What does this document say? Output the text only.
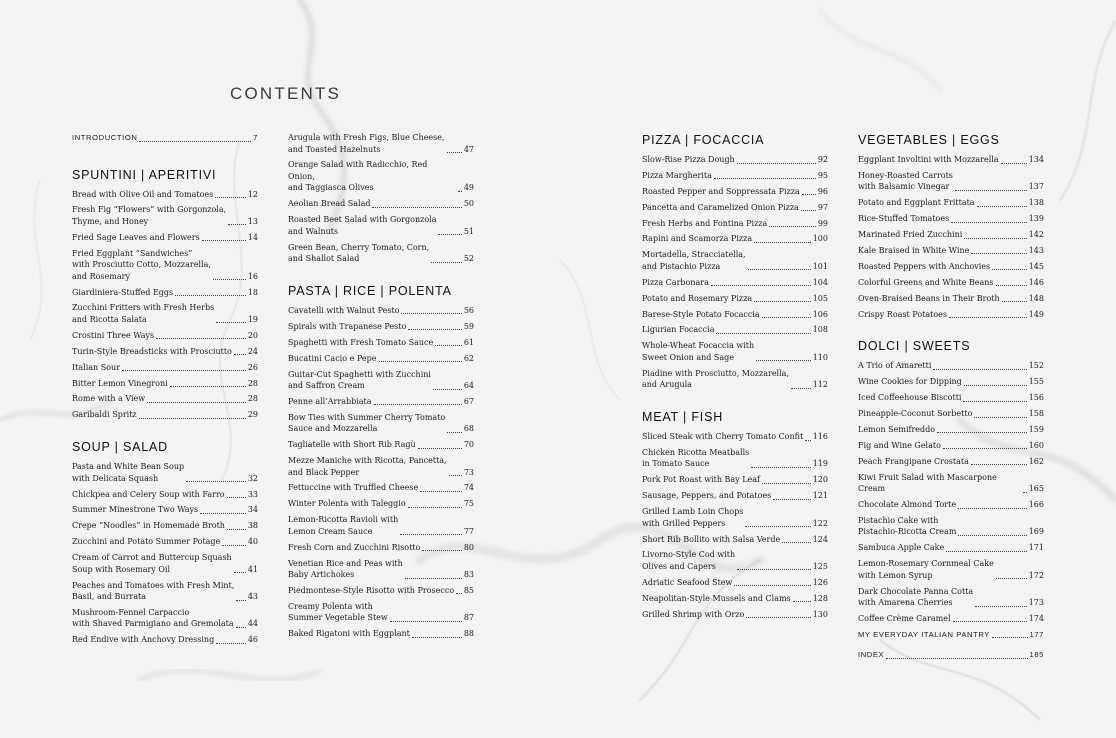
CONTENTS
INTRODUCTION	7
SPUNTINI | APERITIVI
Bread with Olive Oil and Tomatoes	12
Fresh Fig “Flowers” with Gorgonzola,
Thyme, and Honey	13
Fried Sage Leaves and Flowers	14
Fried Eggplant “Sandwiches”
with Prosciutto Cotto, Mozzarella,
and Rosemary	16
Giardiniera-Stuffed Eggs	18
Zucchini Fritters with Fresh Herbs
and Ricotta Salata	19
Crostini Three Ways	20
Turin-Style Breadsticks with Prosciutto 24
Italian Sour	26
Bitter Lemon Vinegroni	28
Rome with a View	28
Garibaldi Spritz	29
SOUP | SALAD
Pasta and White Bean Soup
with Delicata Squash	32
Chickpea and Celery Soup with Farro	33
Summer Minestrone Two Ways	34
Crepe “Noodles” in Homemade Broth	38
Zucchini and Potato Summer Potage	40
Cream of Carrot and Buttercup Squash
Soup with Rosemary Oil	41
Peaches and Tomatoes with Fresh Mint,
Basil, and Burrata	43
Mushroom-Fennel Carpaccio
with Shaved Parmigiano and Gremolata 44
Red Endive with Anchovy Dressing	46
Arugula with Fresh Figs, Blue Cheese,
and Toasted Hazelnuts	47
Orange Salad with Radicchio, Red Onion,
and Taggiasca Olives	49
Aeolian Bread Salad	50
Roasted Beet Salad with Gorgonzola
and Walnuts	51
Green Bean, Cherry Tomato, Corn,
and Shallot Salad	52
PASTA | RICE | POLENTA
Cavatelli with Walnut Pesto	56
Spirals with Trapanese Pesto	59
Spaghetti with Fresh Tomato Sauce	61
Bucatini Cacio e Pepe	62
Guitar-Cut Spaghetti with Zucchini
and Saffron Cream	64
Penne all’Arrabbiata	67
Bow Ties with Summer Cherry Tomato
Sauce and Mozzarella	68
Tagliatelle with Short Rib Ragù	70
Mezze Maniche with Ricotta, Pancetta,
and Black Pepper	73
Fettuccine with Truffled Cheese	74
Winter Polenta with Taleggio	75
Lemon-Ricotta Ravioli with
Lemon Cream Sauce	77
Fresh Corn and Zucchini Risotto	80
Venetian Rice and Peas with
Baby Artichokes	83
Piedmontese-Style Risotto with Prosecco 85
Creamy Polenta with
Summer Vegetable Stew	87
Baked Rigatoni with Eggplant	88
PIZZA | FOCACCIA
Slow-Rise Pizza Dough	92
Pizza Margherita	95
Roasted Pepper and Soppressata Pizza 96
Pancetta and Caramelized Onion Pizza 97
Fresh Herbs and Fontina Pizza	99
Rapini and Scamorza Pizza	100
Mortadella, Stracciatella,
and Pistachio Pizza	101
Pizza Carbonara	104
Potato and Rosemary Pizza	105
Barese-Style Potato Focaccia	106
Ligurian Focaccia	108
Whole-Wheat Focaccia with
Sweet Onion and Sage	110
Piadine with Prosciutto, Mozzarella,
and Arugula	112
MEAT | FISH
Sliced Steak with Cherry Tomato Confit 116
Chicken Ricotta Meatballs
in Tomato Sauce	119
Pork Pot Roast with Bay Leaf	120
Sausage, Peppers, and Potatoes	121
Grilled Lamb Loin Chops
with Grilled Peppers	122
Short Rib Bollito with Salsa Verde	124
Livorno-Style Cod with
Olives and Capers	125
Adriatic Seafood Stew	126
Neapolitan-Style Mussels and Clams	128
Grilled Shrimp with Orzo	130
VEGETABLES | EGGS
Eggplant Involtini with Mozzarella	134
Honey-Roasted Carrots
with Balsamic Vinegar	137
Potato and Eggplant Frittata	138
Rice-Stuffed Tomatoes	139
Marinated Fried Zucchini	142
Kale Braised in White Wine	143
Roasted Peppers with Anchovies	145
Colorful Greens and White Beans	146
Oven-Braised Beans in Their Broth	148
Crispy Roast Potatoes	149
DOLCI | SWEETS
A Trio of Amaretti	152
Wine Cookies for Dipping	155
Iced Coffeehouse Biscotti	156
Pineapple-Coconut Sorbetto	158
Lemon Semifreddo	159
Fig and Wine Gelato	160
Peach Frangipane Crostata	162
Kiwi Fruit Salad with Mascarpone Cream	165
Chocolate Almond Torte	166
Pistachio Cake with
Pistachio-Ricotta Cream	169
Sambuca Apple Cake	171
Lemon-Rosemary Cornmeal Cake
with Lemon Syrup	172
Dark Chocolate Panna Cotta
with Amarena Cherries	173
Coffee Crème Caramel	174
MY EVERYDAY ITALIAN PANTRY	177
INDEX	185
